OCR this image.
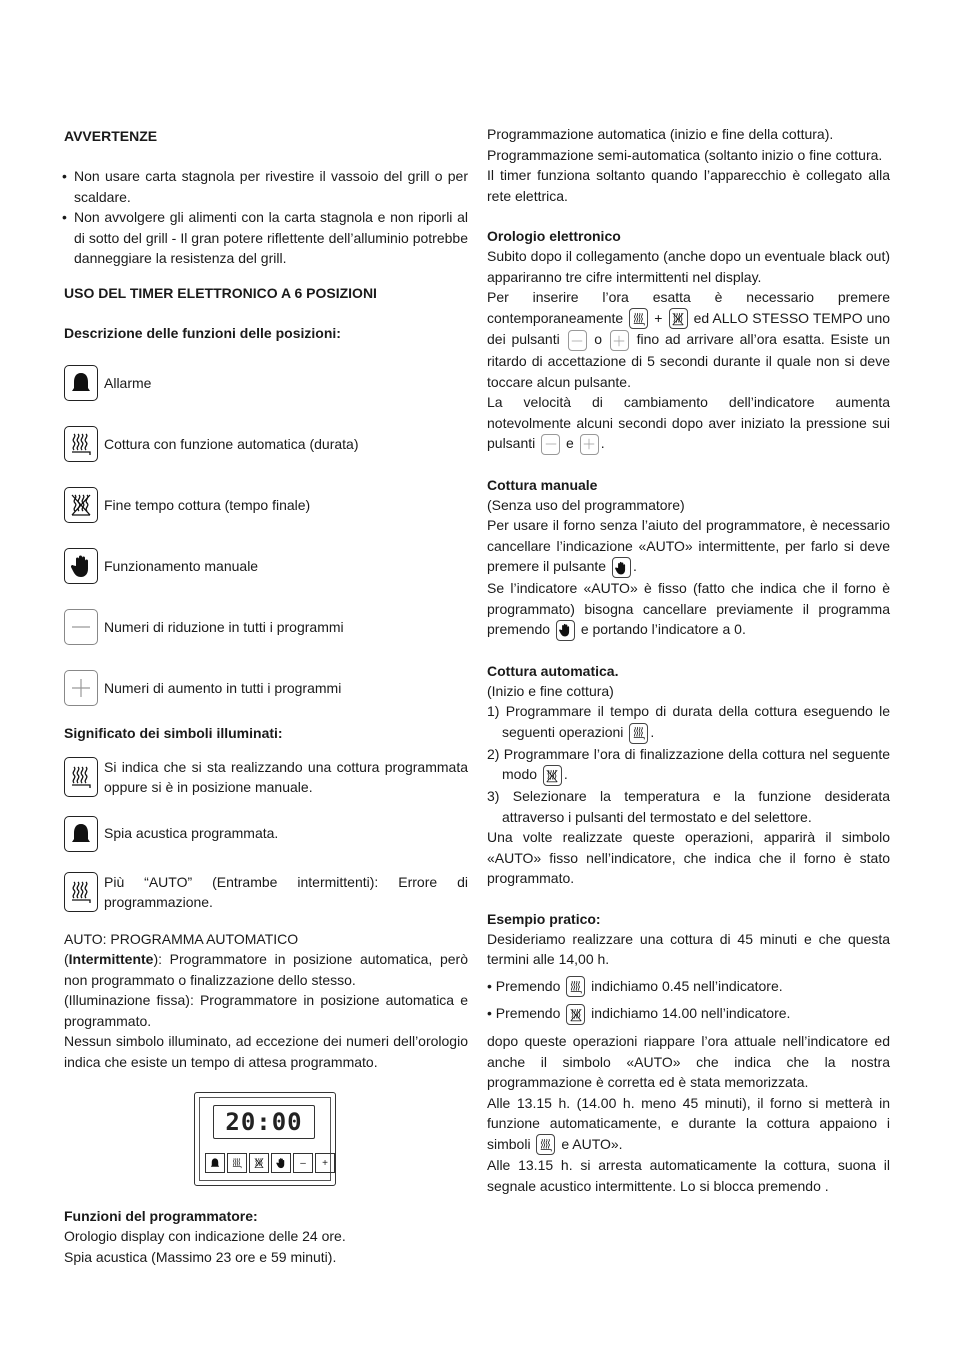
AVVERTENZE

• Non usare carta stagnola per rivestire il vassoio del grill o per scaldare.

• Non avvolgere gli alimenti con la carta stagnola e non riporli al di sotto del grill - Il gran potere riflettente dell’alluminio potrebbe danneggiare la resistenza del grill.

USO DEL TIMER ELETTRONICO A 6 POSIZIONI

Descrizione delle funzioni delle posizioni:

Allarme
Cottura con funzione automatica (durata)
Fine tempo cottura (tempo finale)
Funzionamento manuale
Numeri di riduzione in tutti i programmi
Numeri di aumento in tutti i programmi

Significato dei simboli illuminati:

Si indica che si sta realizzando una cottura programmata oppure si è in posizione manuale.

Spia acustica programmata.

Più “AUTO” (Entrambe intermittenti): Errore di programmazione.

AUTO: PROGRAMMA AUTOMATICO

(Intermittente): Programmatore in posizione automatica, però non programmato o finalizzazione dello stesso.

(Illuminazione fissa): Programmatore in posizione automatica e programmato.

Nessun simbolo illuminato, ad eccezione dei numeri dell’orologio indica che esiste un tempo di attesa programmato.

20:00
–	+

Funzioni del programmatore:

Orologio display con indicazione delle 24 ore.

Spia acustica (Massimo 23 ore e 59 minuti).

Programmazione automatica (inizio e fine della cottura).

Programmazione semi-automatica (soltanto inizio o fine cottura.

Il timer funziona soltanto quando l’apparecchio è collegato alla rete elettrica.

Orologio elettronico

Subito dopo il collegamento (anche dopo un eventuale black out) appariranno tre cifre intermittenti nel display.

Per inserire l’ora esatta è necessario premere contemporaneamente + ed ALLO STESSO TEMPO uno dei pulsanti o fino ad arrivare all’ora esatta. Esiste un ritardo di accettazione di 5 secondi durante il quale non si deve toccare alcun pulsante.

La velocità di cambiamento dell’indicatore aumenta notevolmente alcuni secondi dopo aver iniziato la pressione sui pulsanti e .

Cottura manuale

(Senza uso del programmatore)

Per usare il forno senza l’aiuto del programmatore, è necessario cancellare l’indicazione «AUTO» intermittente, per farlo si deve premere il pulsante .

Se l’indicatore «AUTO» è fisso (fatto che indica che il forno è programmato) bisogna cancellare previamente il programma premendo e portando l’indicatore a 0.

Cottura automatica.

(Inizio e fine cottura)

1) Programmare il tempo di durata della cottura eseguendo le seguenti operazioni .

2) Programmare l’ora di finalizzazione della cottura nel seguente modo .

3) Selezionare la temperatura e la funzione desiderata attraverso i pulsanti del termostato e del selettore.

Una volte realizzate queste operazioni, apparirà il simbolo «AUTO» fisso nell’indicatore, che indica che il forno è stato programmato.

Esempio pratico:

Desideriamo realizzare una cottura di 45 minuti e che questa termini alle 14,00 h.

• Premendo indichiamo 0.45 nell’indicatore.

• Premendo indichiamo 14.00 nell’indicatore.

dopo queste operazioni riappare l’ora attuale nell’indicatore ed anche il simbolo «AUTO» che indica che la nostra programmazione è corretta ed è stata memorizzata.

Alle 13.15 h. (14.00 h. meno 45 minuti), il forno si metterà in funzione automaticamente, e durante la cottura appaiono i simboli e AUTO».

Alle 13.15 h. si arresta automaticamente la cottura, suona il segnale acustico intermittente. Lo si blocca premendo .
